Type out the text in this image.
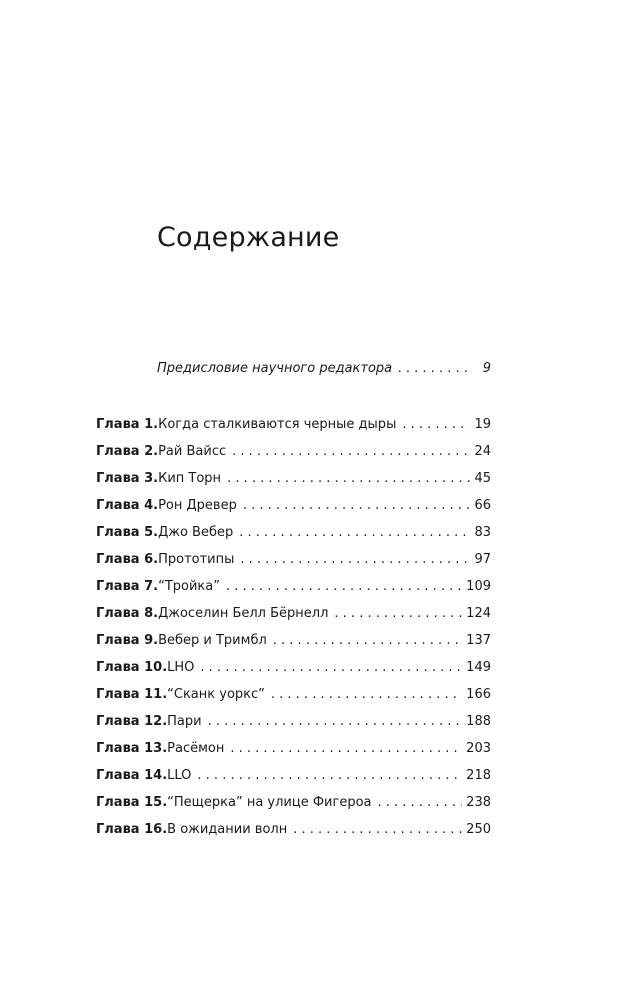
Содержание
Предисловие научного редактора . . .	9
Глава 1. Когда сталкиваются черные дыры . . .	19
Глава 2. Рай Вайсс . . .	24
Глава 3. Кип Торн . . .	45
Глава 4. Рон Древер . . .	66
Глава 5. Джо Вебер . . .	83
Глава 6. Прототипы . . .	97
Глава 7. “Тройка” . . .	109
Глава 8. Джоселин Белл Бёрнелл . . .	124
Глава 9. Вебер и Тримбл . . .	137
Глава 10. LHO . . .	149
Глава 11. “Сканк уоркс” . . .	166
Глава 12. Пари . . .	188
Глава 13. Расёмон . . .	203
Глава 14. LLO . . .	218
Глава 15. “Пещерка” на улице Фигероа . . .	238
Глава 16. В ожидании волн . . .	250
